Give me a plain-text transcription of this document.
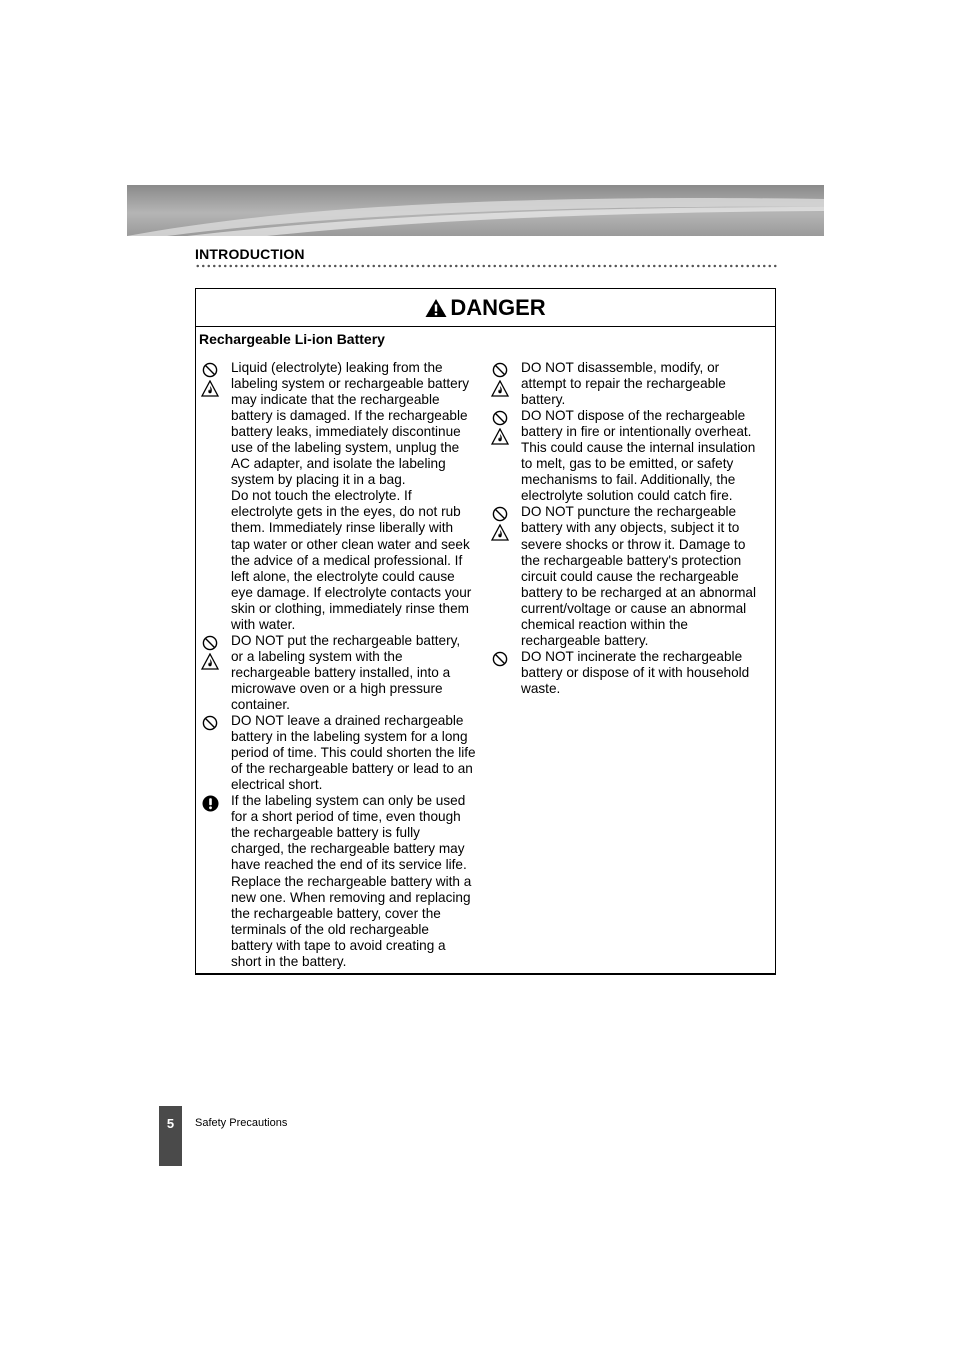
INTRODUCTION
DANGER
Rechargeable Li-ion Battery
Liquid (electrolyte) leaking from the
labeling system or rechargeable battery
may indicate that the rechargeable
battery is damaged. If the rechargeable
battery leaks, immediately discontinue
use of the labeling system, unplug the
AC adapter, and isolate the labeling
system by placing it in a bag.
Do not touch the electrolyte. If
electrolyte gets in the eyes, do not rub
them. Immediately rinse liberally with
tap water or other clean water and seek
the advice of a medical professional. If
left alone, the electrolyte could cause
eye damage. If electrolyte contacts your
skin or clothing, immediately rinse them
with water.
DO NOT put the rechargeable battery,
or a labeling system with the
rechargeable battery installed, into a
microwave oven or a high pressure
container.
DO NOT leave a drained rechargeable
battery in the labeling system for a long
period of time. This could shorten the life
of the rechargeable battery or lead to an
electrical short.
If the labeling system can only be used
for a short period of time, even though
the rechargeable battery is fully
charged, the rechargeable battery may
have reached the end of its service life.
Replace the rechargeable battery with a
new one. When removing and replacing
the rechargeable battery, cover the
terminals of the old rechargeable
battery with tape to avoid creating a
short in the battery.
DO NOT disassemble, modify, or
attempt to repair the rechargeable
battery.
DO NOT dispose of the rechargeable
battery in fire or intentionally overheat.
This could cause the internal insulation
to melt, gas to be emitted, or safety
mechanisms to fail. Additionally, the
electrolyte solution could catch fire.
DO NOT puncture the rechargeable
battery with any objects, subject it to
severe shocks or throw it. Damage to
the rechargeable battery's protection
circuit could cause the rechargeable
battery to be recharged at an abnormal
current/voltage or cause an abnormal
chemical reaction within the
rechargeable battery.
DO NOT incinerate the rechargeable
battery or dispose of it with household
waste.
5	Safety Precautions
